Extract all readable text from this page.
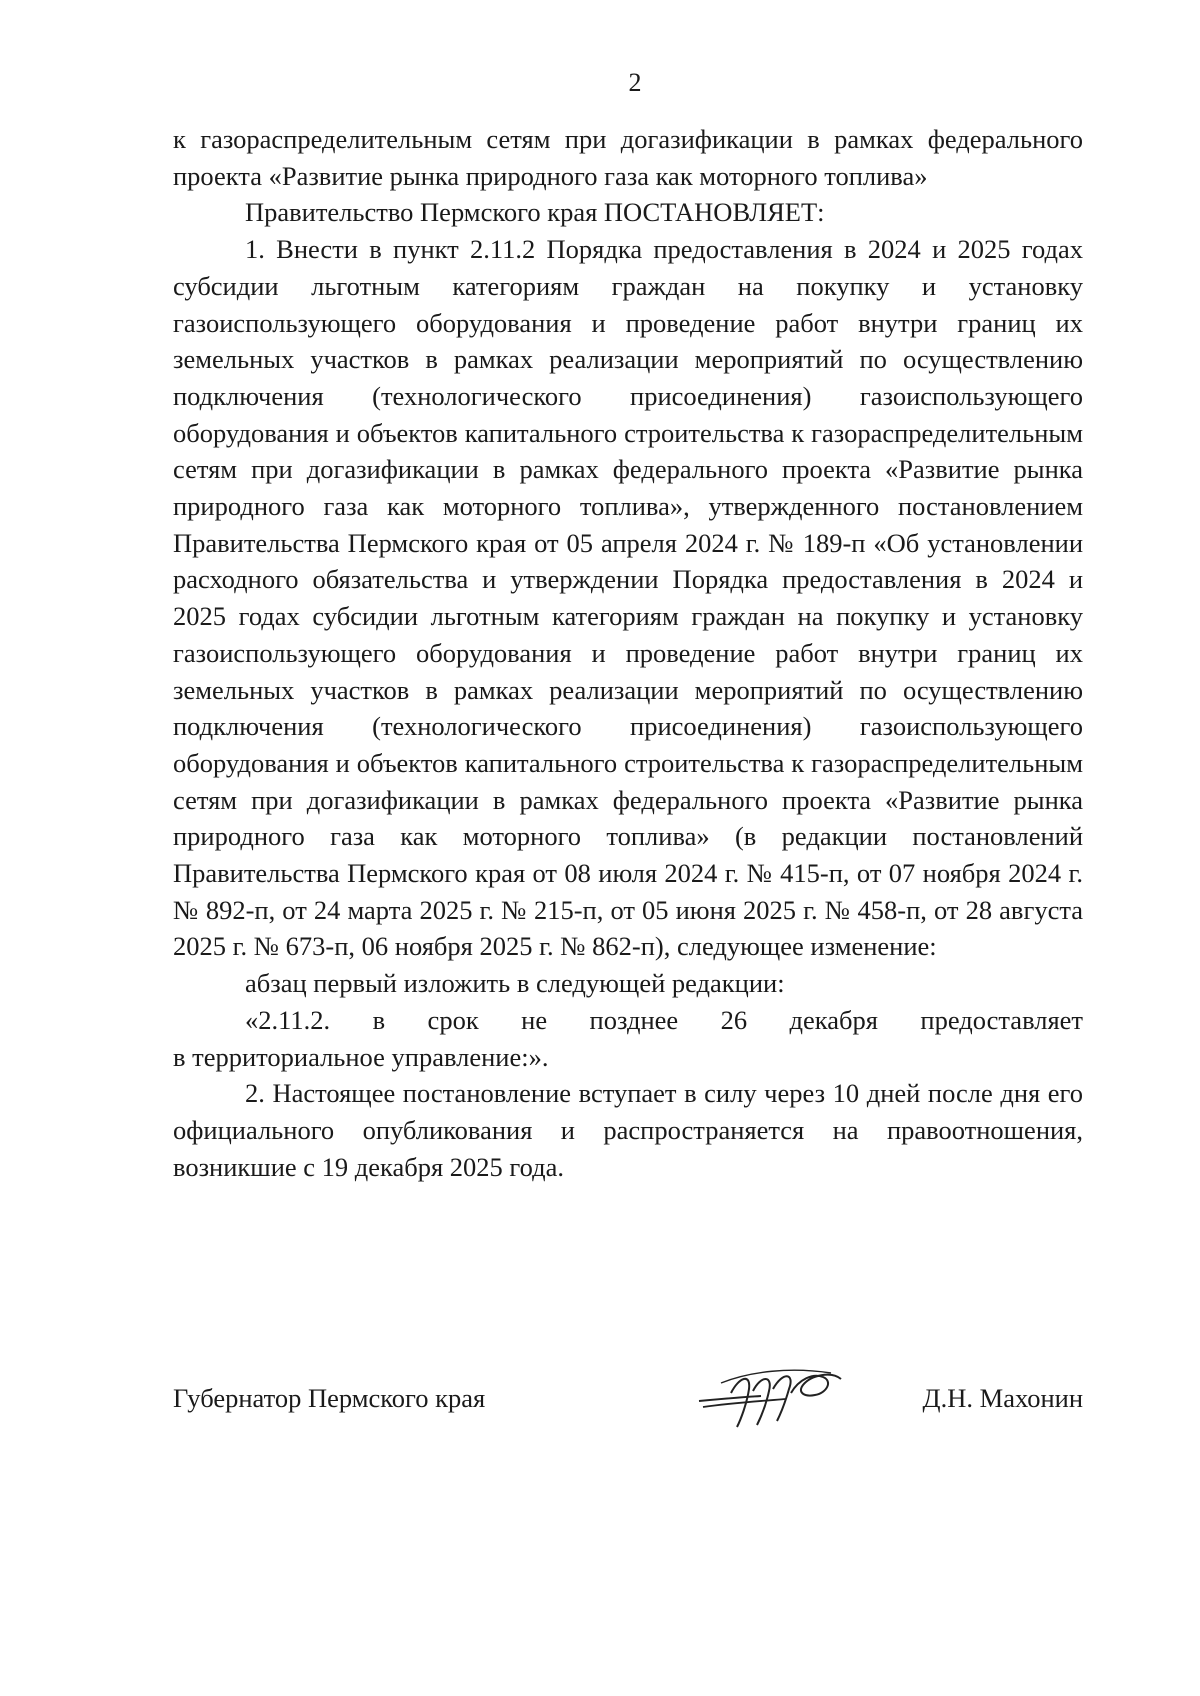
2

к газораспределительным сетям при догазификации в рамках федерального проекта «Развитие рынка природного газа как моторного топлива»

Правительство Пермского края ПОСТАНОВЛЯЕТ:

1. Внести в пункт 2.11.2 Порядка предоставления в 2024 и 2025 годах субсидии льготным категориям граждан на покупку и установку газоиспользующего оборудования и проведение работ внутри границ их земельных участков в рамках реализации мероприятий по осуществлению подключения (технологического присоединения) газоиспользующего оборудования и объектов капитального строительства к газораспределительным сетям при догазификации в рамках федерального проекта «Развитие рынка природного газа как моторного топлива», утвержденного постановлением Правительства Пермского края от 05 апреля 2024 г. № 189-п «Об установлении расходного обязательства и утверждении Порядка предоставления в 2024 и 2025 годах субсидии льготным категориям граждан на покупку и установку газоиспользующего оборудования и проведение работ внутри границ их земельных участков в рамках реализации мероприятий по осуществлению подключения (технологического присоединения) газоиспользующего оборудования и объектов капитального строительства к газораспределительным сетям при догазификации в рамках федерального проекта «Развитие рынка природного газа как моторного топлива» (в редакции постановлений Правительства Пермского края от 08 июля 2024 г. № 415-п, от 07 ноября 2024 г. № 892-п, от 24 марта 2025 г. № 215-п, от 05 июня 2025 г. № 458-п, от 28 августа 2025 г. № 673-п, 06 ноября 2025 г. № 862-п), следующее изменение:

абзац первый изложить в следующей редакции:

«2.11.2. в срок не позднее 26 декабря предоставляет

в территориальное управление:».

2. Настоящее постановление вступает в силу через 10 дней после дня его официального опубликования и распространяется на правоотношения, возникшие с 19 декабря 2025 года.

Губернатор Пермского края	Д.Н. Махонин
